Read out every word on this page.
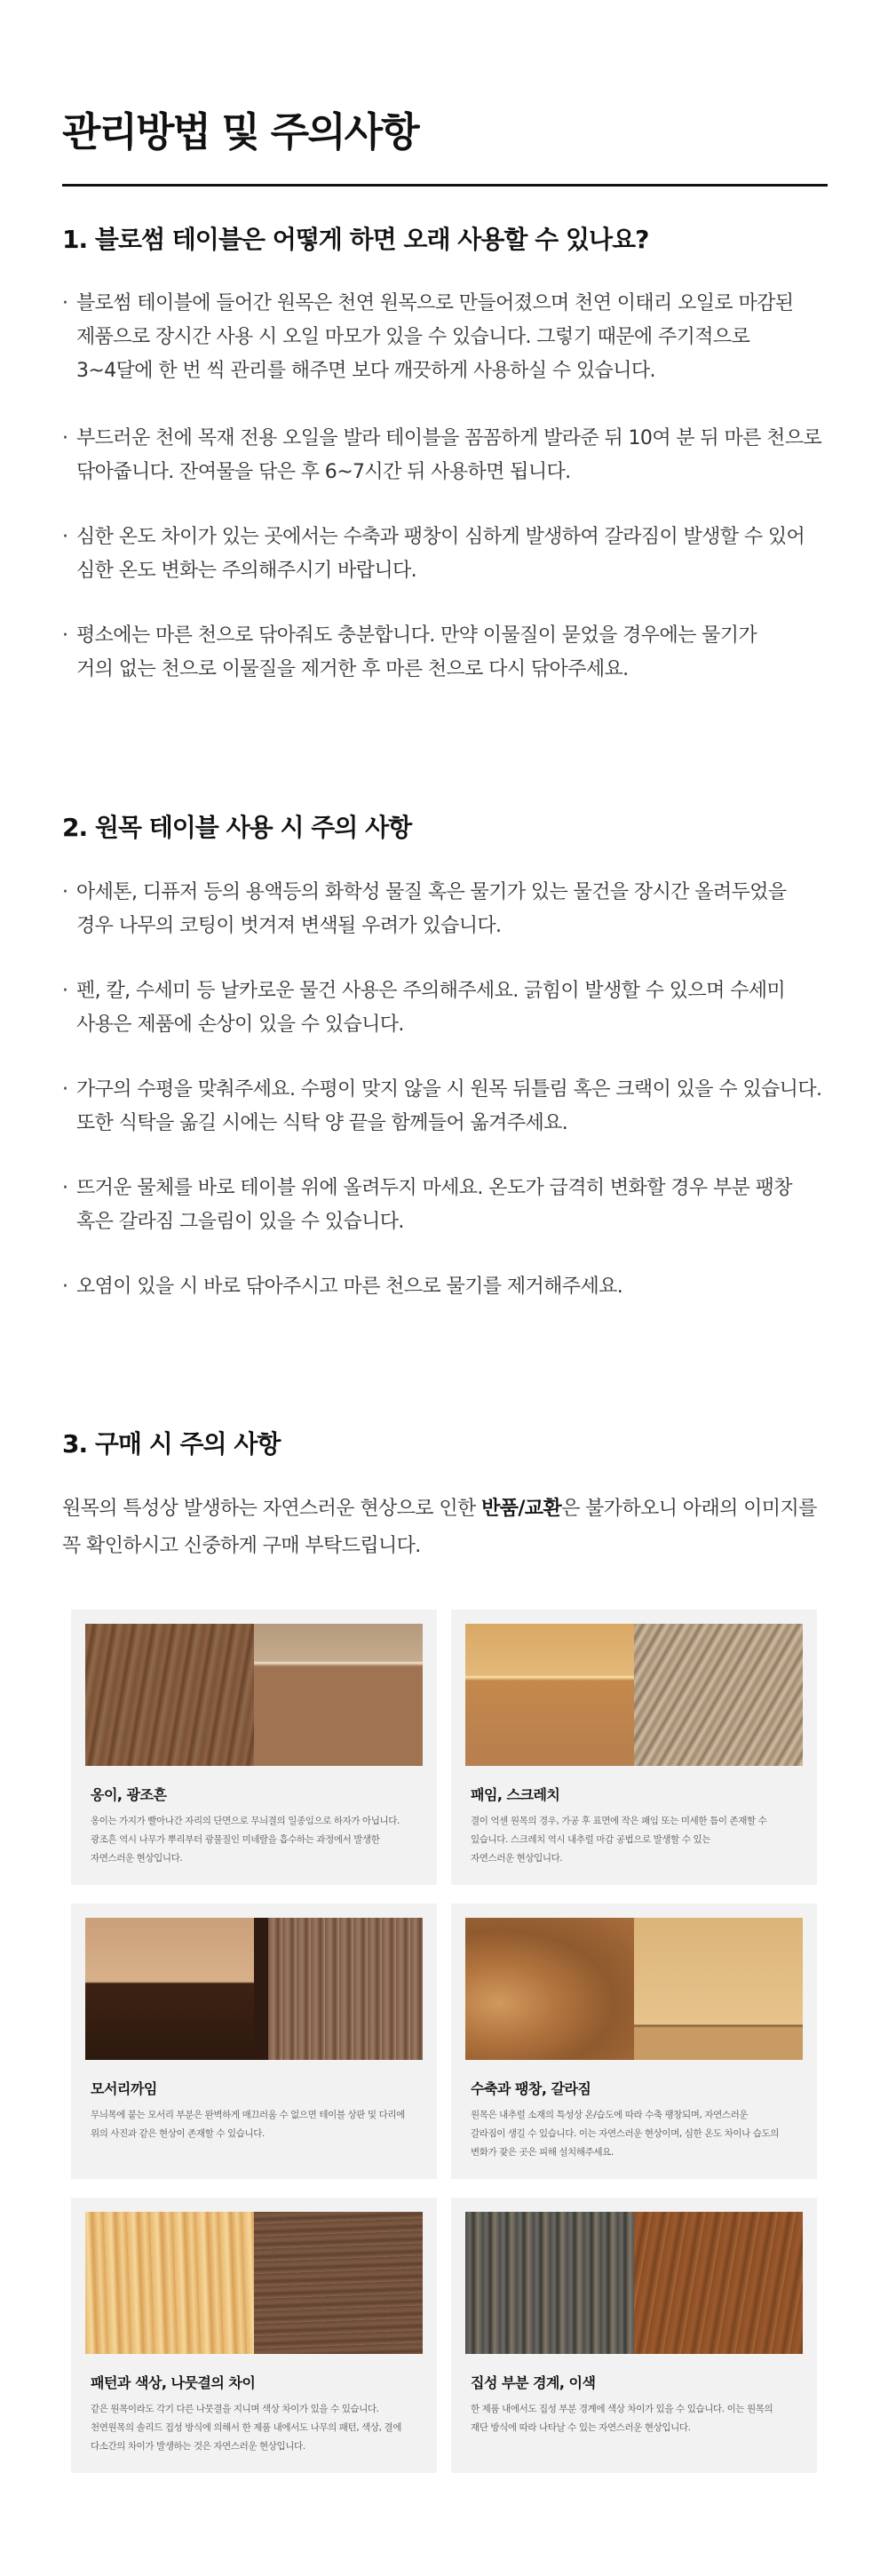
관리방법 및 주의사항
1. 블로썸 테이블은 어떻게 하면 오래 사용할 수 있나요?
· 블로썸 테이블에 들어간 원목은 천연 원목으로 만들어졌으며 천연 이태리 오일로 마감된
제품으로 장시간 사용 시 오일 마모가 있을 수 있습니다. 그렇기 때문에 주기적으로
3~4달에 한 번 씩 관리를 해주면 보다 깨끗하게 사용하실 수 있습니다.
· 부드러운 천에 목재 전용 오일을 발라 테이블을 꼼꼼하게 발라준 뒤 10여 분 뒤 마른 천으로
닦아줍니다. 잔여물을 닦은 후 6~7시간 뒤 사용하면 됩니다.
· 심한 온도 차이가 있는 곳에서는 수축과 팽창이 심하게 발생하여 갈라짐이 발생할 수 있어
심한 온도 변화는 주의해주시기 바랍니다.
· 평소에는 마른 천으로 닦아줘도 충분합니다. 만약 이물질이 묻었을 경우에는 물기가
거의 없는 천으로 이물질을 제거한 후 마른 천으로 다시 닦아주세요.
2. 원목 테이블 사용 시 주의 사항
· 아세톤, 디퓨저 등의 용액등의 화학성 물질 혹은 물기가 있는 물건을 장시간 올려두었을
경우 나무의 코팅이 벗겨져 변색될 우려가 있습니다.
· 펜, 칼, 수세미 등 날카로운 물건 사용은 주의해주세요. 긁힘이 발생할 수 있으며 수세미
사용은 제품에 손상이 있을 수 있습니다.
· 가구의 수평을 맞춰주세요. 수평이 맞지 않을 시 원목 뒤틀림 혹은 크랙이 있을 수 있습니다.
또한 식탁을 옮길 시에는 식탁 양 끝을 함께들어 옮겨주세요.
· 뜨거운 물체를 바로 테이블 위에 올려두지 마세요. 온도가 급격히 변화할 경우 부분 팽창
혹은 갈라짐 그을림이 있을 수 있습니다.
· 오염이 있을 시 바로 닦아주시고 마른 천으로 물기를 제거해주세요.
3. 구매 시 주의 사항
원목의 특성상 발생하는 자연스러운 현상으로 인한 반품/교환은 불가하오니 아래의 이미지를
꼭 확인하시고 신중하게 구매 부탁드립니다.
옹이, 광조흔

옹이는 가지가 빨아나간 자리의 단면으로 무늬결의 일종임으로 하자가 아닙니다.
광조흔 역시 나무가 뿌리부터 광물질인 미네랄을 흡수하는 과정에서 발생한
자연스러운 현상입니다.

패임, 스크레치

결이 억센 원목의 경우, 가공 후 표면에 작은 패임 또는 미세한 틈이 존재할 수
있습니다. 스크레치 역시 내추럴 마감 공법으로 발생할 수 있는
자연스러운 현상입니다.

모서리까임

무늬목에 붙는 모서리 부분은 완벽하게 매끄러움 수 없으면 테이블 상판 및 다리에
위의 사진과 같은 현상이 존재할 수 있습니다.

수축과 팽창, 갈라짐

원목은 내추럴 소재의 특성상 온/습도에 따라 수축 팽창되며, 자연스러운
갈라짐이 생길 수 있습니다. 이는 자연스러운 현상이며, 심한 온도 차이나 습도의
변화가 잦은 곳은 피해 설치해주세요.

패턴과 색상, 나뭇결의 차이

같은 원목이라도 각기 다른 나뭇결을 지니며 색상 차이가 있을 수 있습니다.
천연원목의 솔리드 집성 방식에 의해서 한 제품 내에서도 나무의 패턴, 색상, 결에
다소간의 차이가 발생하는 것은 자연스러운 현상입니다.

집성 부분 경계, 이색

한 제품 내에서도 집성 부분 경계에 색상 차이가 있을 수 있습니다. 이는 원목의
재단 방식에 따라 나타날 수 있는 자연스러운 현상입니다.
